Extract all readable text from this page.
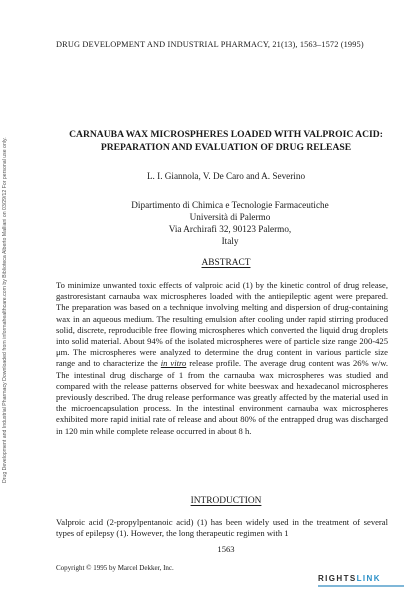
DRUG DEVELOPMENT AND INDUSTRIAL PHARMACY, 21(13), 1563–1572 (1995)
Drug Development and Industrial Pharmacy Downloaded from informahealthcare.com by Biblioteca Alberto Malliani on 03/29/12 For personal use only.
CARNAUBA WAX MICROSPHERES LOADED WITH VALPROIC ACID: PREPARATION AND EVALUATION OF DRUG RELEASE
L. I. Giannola, V. De Caro and A. Severino
Dipartimento di Chimica e Tecnologie Farmaceutiche
Università di Palermo
Via Archirafi 32, 90123 Palermo,
Italy
ABSTRACT
To minimize unwanted toxic effects of valproic acid (1) by the kinetic control of drug release, gastroresistant carnauba wax microspheres loaded with the antiepileptic agent were prepared. The preparation was based on a technique involving melting and dispersion of drug-containing wax in an aqueous medium. The resulting emulsion after cooling under rapid stirring produced solid, discrete, reproducible free flowing microspheres which converted the liquid drug droplets into solid material. About 94% of the isolated microspheres were of particle size range 200-425 μm. The microspheres were analyzed to determine the drug content in various particle size range and to characterize the in vitro release profile. The average drug content was 26% w/w. The intestinal drug discharge of 1 from the carnauba wax microspheres was studied and compared with the release patterns observed for white beeswax and hexadecanol microspheres previously described. The drug release performance was greatly affected by the material used in the microencapsulation process. In the intestinal environment carnauba wax microspheres exhibited more rapid initial rate of release and about 80% of the entrapped drug was discharged in 120 min while complete release occurred in about 8 h.
INTRODUCTION
Valproic acid (2-propylpentanoic acid) (1) has been widely used in the treatment of several types of epilepsy (1). However, the long therapeutic regimen with 1
1563
Copyright © 1995 by Marcel Dekker, Inc.
RIGHTSLINK
